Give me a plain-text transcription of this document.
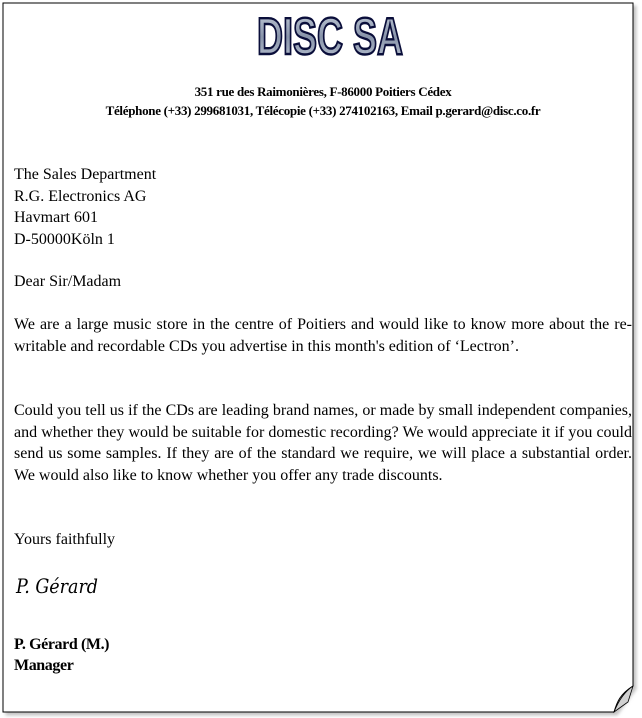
DISC SA
351 rue des Raimonières, F-86000 Poitiers Cédex
Téléphone (+33) 299681031, Télécopie (+33) 274102163, Email p.gerard@disc.co.fr
The Sales Department
R.G. Electronics AG
Havmart 601
D-50000Köln 1
Dear Sir/Madam
We are a large music store in the centre of Poitiers and would like to know more about the re-writable and recordable CDs you advertise in this month's edition of ‘Lectron’.
Could you tell us if the CDs are leading brand names, or made by small independent companies, and whether they would be suitable for domestic recording? We would appreciate it if you could send us some samples. If they are of the standard we require, we will place a substantial order. We would also like to know whether you offer any trade discounts.
Yours faithfully
P. Gérard
P. Gérard (M.)
Manager
